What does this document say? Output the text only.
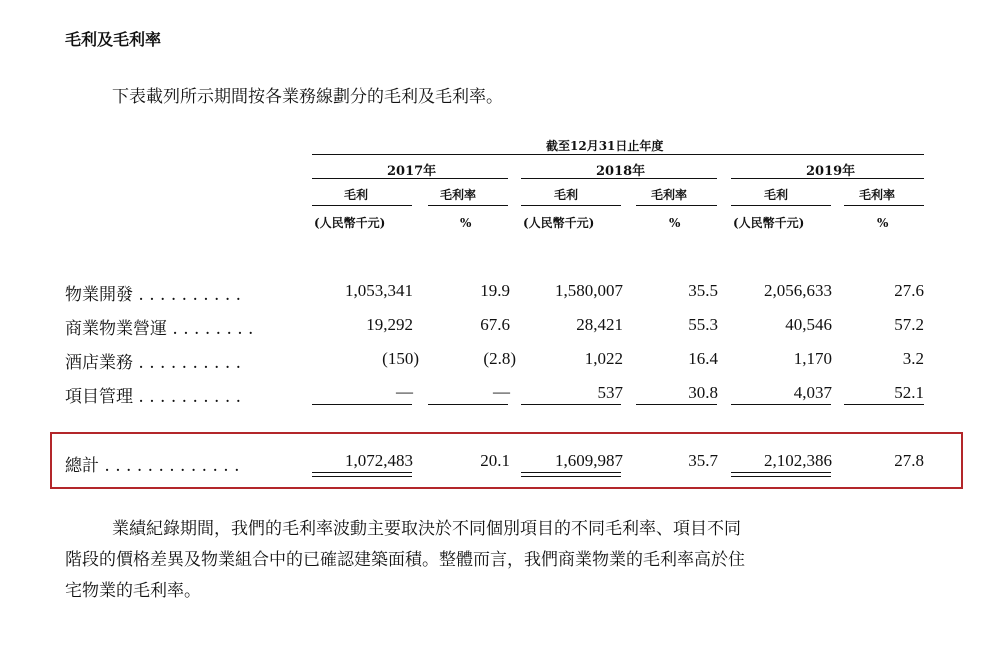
毛利及毛利率
下表載列所示期間按各業務線劃分的毛利及毛利率。
截至12月31日止年度
2017年	2018年	2019年
毛利	毛利率	毛利	毛利率	毛利	毛利率
(人民幣千元)	%	(人民幣千元)	%	(人民幣千元)	%
物業開發 . . . . . . . . . .	1,053,341	19.9	1,580,007	35.5	2,056,633	27.6
商業物業營運 . . . . . . . .	19,292	67.6	28,421	55.3	40,546	57.2
酒店業務 . . . . . . . . . .	(150)	(2.8)	1,022	16.4	1,170	3.2
項目管理 . . . . . . . . . .	—	—	537	30.8	4,037	52.1
總計 . . . . . . . . . . . . .	1,072,483	20.1	1,609,987	35.7	2,102,386	27.8
業績紀錄期間，我們的毛利率波動主要取決於不同個別項目的不同毛利率、項目不同
階段的價格差異及物業組合中的已確認建築面積。整體而言，我們商業物業的毛利率高於住
宅物業的毛利率。
